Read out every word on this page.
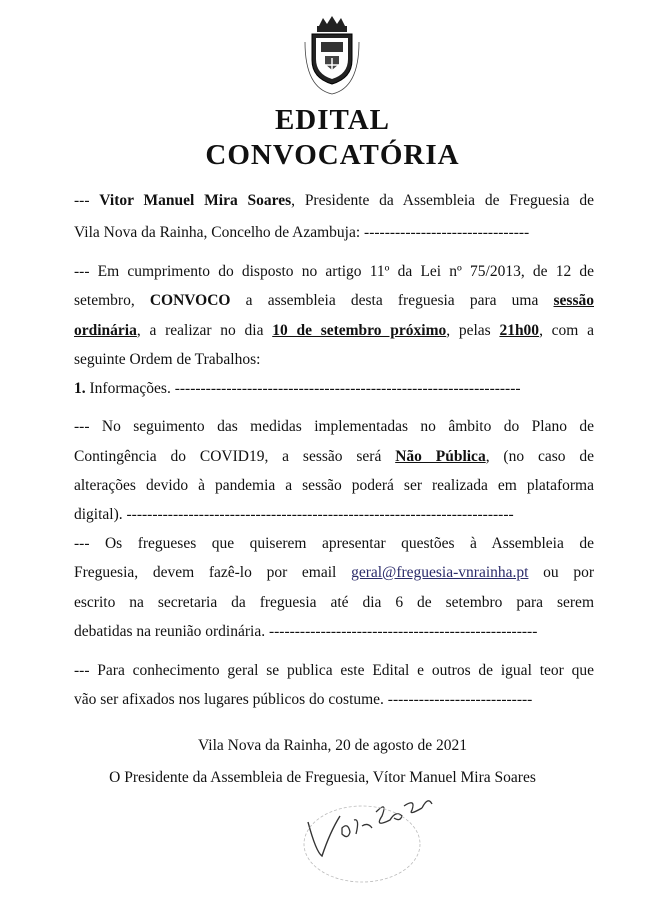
EDITAL
CONVOCATÓRIA
--- Vitor Manuel Mira Soares, Presidente da Assembleia de Freguesia de
Vila Nova da Rainha, Concelho de Azambuja: --------------------------------
--- Em cumprimento do disposto no artigo 11º da Lei nº 75/2013, de 12 de
setembro, CONVOCO a assembleia desta freguesia para uma sessão
ordinária, a realizar no dia 10 de setembro próximo, pelas 21h00, com a
seguinte Ordem de Trabalhos:
1. Informações. -------------------------------------------------------------------
--- No seguimento das medidas implementadas no âmbito do Plano de
Contingência do COVID19, a sessão será Não Pública, (no caso de
alterações devido à pandemia a sessão poderá ser realizada em plataforma
digital). ---------------------------------------------------------------------------
--- Os fregueses que quiserem apresentar questões à Assembleia de
Freguesia, devem fazê-lo por email geral@freguesia-vnrainha.pt ou por
escrito na secretaria da freguesia até dia 6 de setembro para serem
debatidas na reunião ordinária. ----------------------------------------------------
--- Para conhecimento geral se publica este Edital e outros de igual teor que
vão ser afixados nos lugares públicos do costume. ----------------------------
Vila Nova da Rainha, 20 de agosto de 2021
O Presidente da Assembleia de Freguesia, Vítor Manuel Mira Soares
